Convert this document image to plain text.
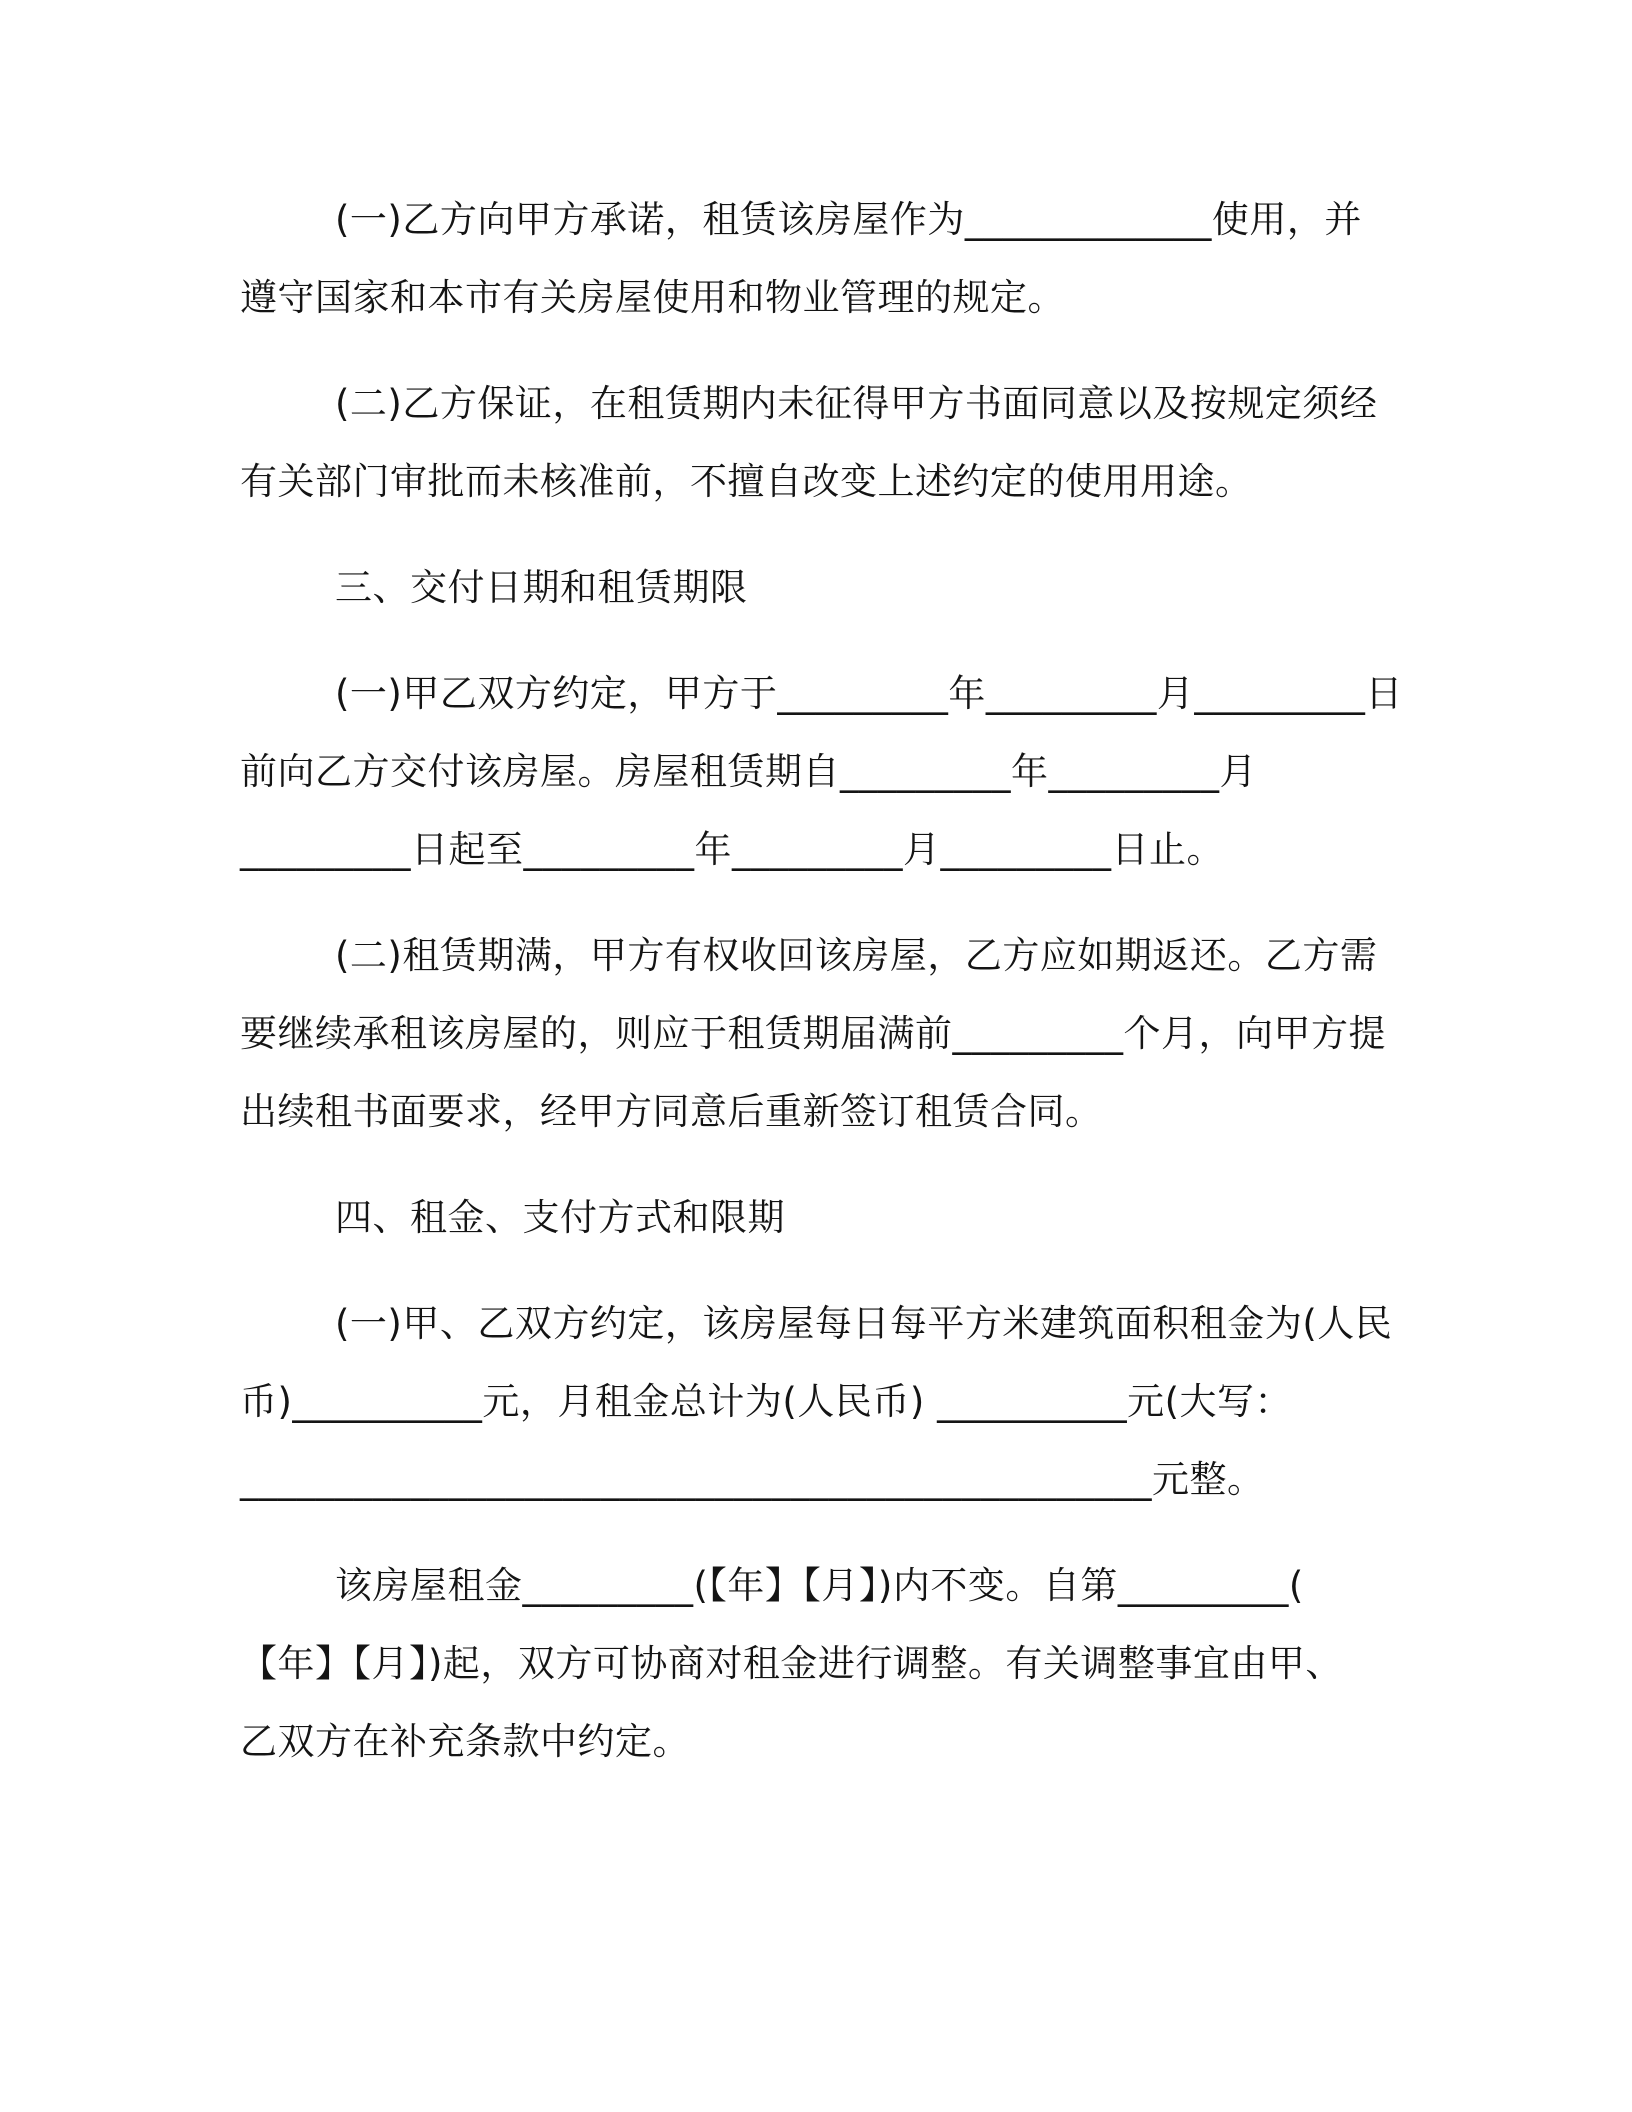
(一)乙方向甲方承诺，租赁该房屋作为_____________使用，并
遵守国家和本市有关房屋使用和物业管理的规定。
(二)乙方保证，在租赁期内未征得甲方书面同意以及按规定须经
有关部门审批而未核准前，不擅自改变上述约定的使用用途。
三、交付日期和租赁期限
(一)甲乙双方约定，甲方于_________年_________月_________日
前向乙方交付该房屋。房屋租赁期自_________年_________月
_________日起至_________年_________月_________日止。
(二)租赁期满，甲方有权收回该房屋，乙方应如期返还。乙方需
要继续承租该房屋的，则应于租赁期届满前_________个月，向甲方提
出续租书面要求，经甲方同意后重新签订租赁合同。
四、租金、支付方式和限期
(一)甲、乙双方约定，该房屋每日每平方米建筑面积租金为(人民
币)__________元，月租金总计为(人民币) __________元(大写：
________________________________________________元整。
该房屋租金_________(【年】【月】)内不变。自第_________(
【年】【月】)起，双方可协商对租金进行调整。有关调整事宜由甲、
乙双方在补充条款中约定。
